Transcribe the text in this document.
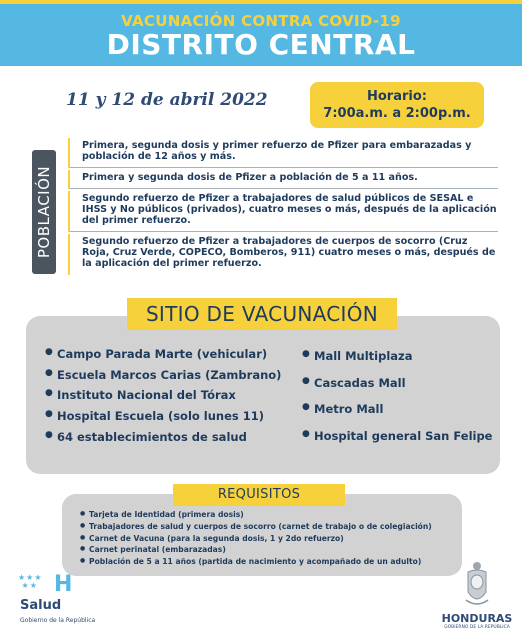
VACUNACIÓN CONTRA COVID-19
DISTRITO CENTRAL
11 y 12 de abril 2022	Horario:
7:00a.m. a 2:00p.m.
POBLACIÓN
Primera, segunda dosis y primer refuerzo de Pfizer para embarazadas y población de 12 años y más.
Primera y segunda dosis de Pfizer a población de 5 a 11 años.
Segundo refuerzo de Pfizer a trabajadores de salud públicos de SESAL e IHSS y No públicos (privados), cuatro meses o más, después de la aplicación del primer refuerzo.
Segundo refuerzo de Pfizer a trabajadores de cuerpos de socorro (Cruz Roja, Cruz Verde, COPECO, Bomberos, 911) cuatro meses o más, después de la aplicación del primer refuerzo.
SITIO DE VACUNACIÓN
● Campo Parada Marte (vehicular)
● Escuela Marcos Carias (Zambrano)
● Instituto Nacional del Tórax
● Hospital Escuela (solo lunes 11)
● 64 establecimientos de salud
● Mall Multiplaza
● Cascadas Mall
● Metro Mall
● Hospital general San Felipe
REQUISITOS
● Tarjeta de Identidad (primera dosis)
● Trabajadores de salud y cuerpos de socorro (carnet de trabajo o de colegiación)
● Carnet de Vacuna (para la segunda dosis, 1 y 2do refuerzo)
● Carnet perinatal (embarazadas)
● Población de 5 a 11 años (partida de nacimiento y acompañado de un adulto)
★★★
★★ H
Salud
Gobierno de la República	HONDURAS
GOBIERNO DE LA REPÚBLICA
